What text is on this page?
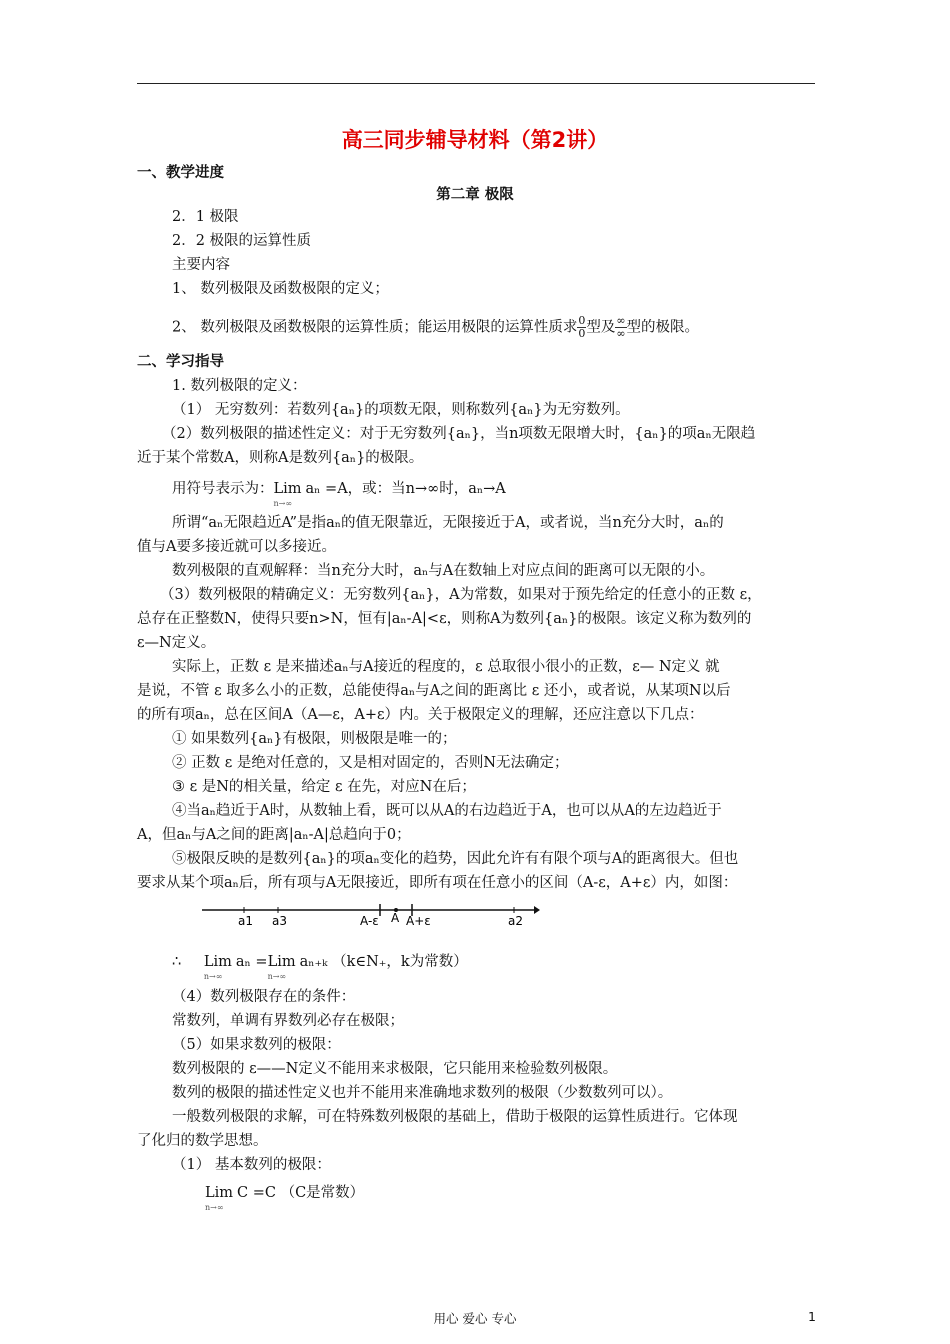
高三同步辅导材料（第2讲）
一、教学进度
第二章 极限
2．1 极限
2．2 极限的运算性质
主要内容
1、 数列极限及函数极限的定义；
2、 数列极限及函数极限的运算性质；能运用极限的运算性质求 $\frac{0}{0}$ 型及 $\frac{\infty}{\infty}$ 型的极限。
二、学习指导
1. 数列极限的定义：
（1） 无穷数列：若数列{aₙ}的项数无限，则称数列{aₙ}为无穷数列。
（2）数列极限的描述性定义：对于无穷数列{aₙ}，当n项数无限增大时，{aₙ}的项aₙ无限趋
近于某个常数A，则称A是数列{aₙ}的极限。
用符号表示为：Lim
n→∞
aₙ =A，或：当n→∞时，aₙ→A
所谓“aₙ无限趋近A”是指aₙ的值无限靠近，无限接近于A，或者说，当n充分大时，aₙ的
值与A要多接近就可以多接近。
数列极限的直观解释：当n充分大时，aₙ与A在数轴上对应点间的距离可以无限的小。
（3）数列极限的精确定义：无穷数列{aₙ}，A为常数，如果对于预先给定的任意小的正数 ε，
总存在正整数N，使得只要n>N，恒有|aₙ-A|<ε，则称A为数列{aₙ}的极限。该定义称为数列的
ε—N定义。
实际上，正数 ε 是来描述aₙ与A接近的程度的，ε 总取很小很小的正数，ε— N定义 就
是说，不管 ε 取多么小的正数，总能使得aₙ与A之间的距离比 ε 还小，或者说，从某项N以后
的所有项aₙ，总在区间A（A—ε，A+ε）内。关于极限定义的理解，还应注意以下几点：
① 如果数列{aₙ}有极限，则极限是唯一的；
② 正数 ε 是绝对任意的，又是相对固定的，否则N无法确定；
③ ε 是N的相关量，给定 ε 在先，对应N在后；
④当aₙ趋近于A时，从数轴上看，既可以从A的右边趋近于A，也可以从A的左边趋近于
A，但aₙ与A之间的距离|aₙ-A|总趋向于0；
⑤极限反映的是数列{aₙ}的项aₙ变化的趋势，因此允许有有限个项与A的距离很大。但也
要求从某个项aₙ后，所有项与A无限接近，即所有项在任意小的区间（A-ε，A+ε）内，如图：
a1 a3	A-ε A A+ε	a2
∴ Lim
n→∞
aₙ =Lim
n→∞
aₙ₊ₖ （k∈N₊，k为常数）
（4）数列极限存在的条件：
常数列，单调有界数列必存在极限；
（5）如果求数列的极限：
数列极限的 ε——N定义不能用来求极限，它只能用来检验数列极限。
数列的极限的描述性定义也并不能用来准确地求数列的极限（少数数列可以）。
一般数列极限的求解，可在特殊数列极限的基础上，借助于极限的运算性质进行。它体现
了化归的数学思想。
（1） 基本数列的极限：
Lim
n→∞
C =C （C是常数）
用心 爱心 专心	1
